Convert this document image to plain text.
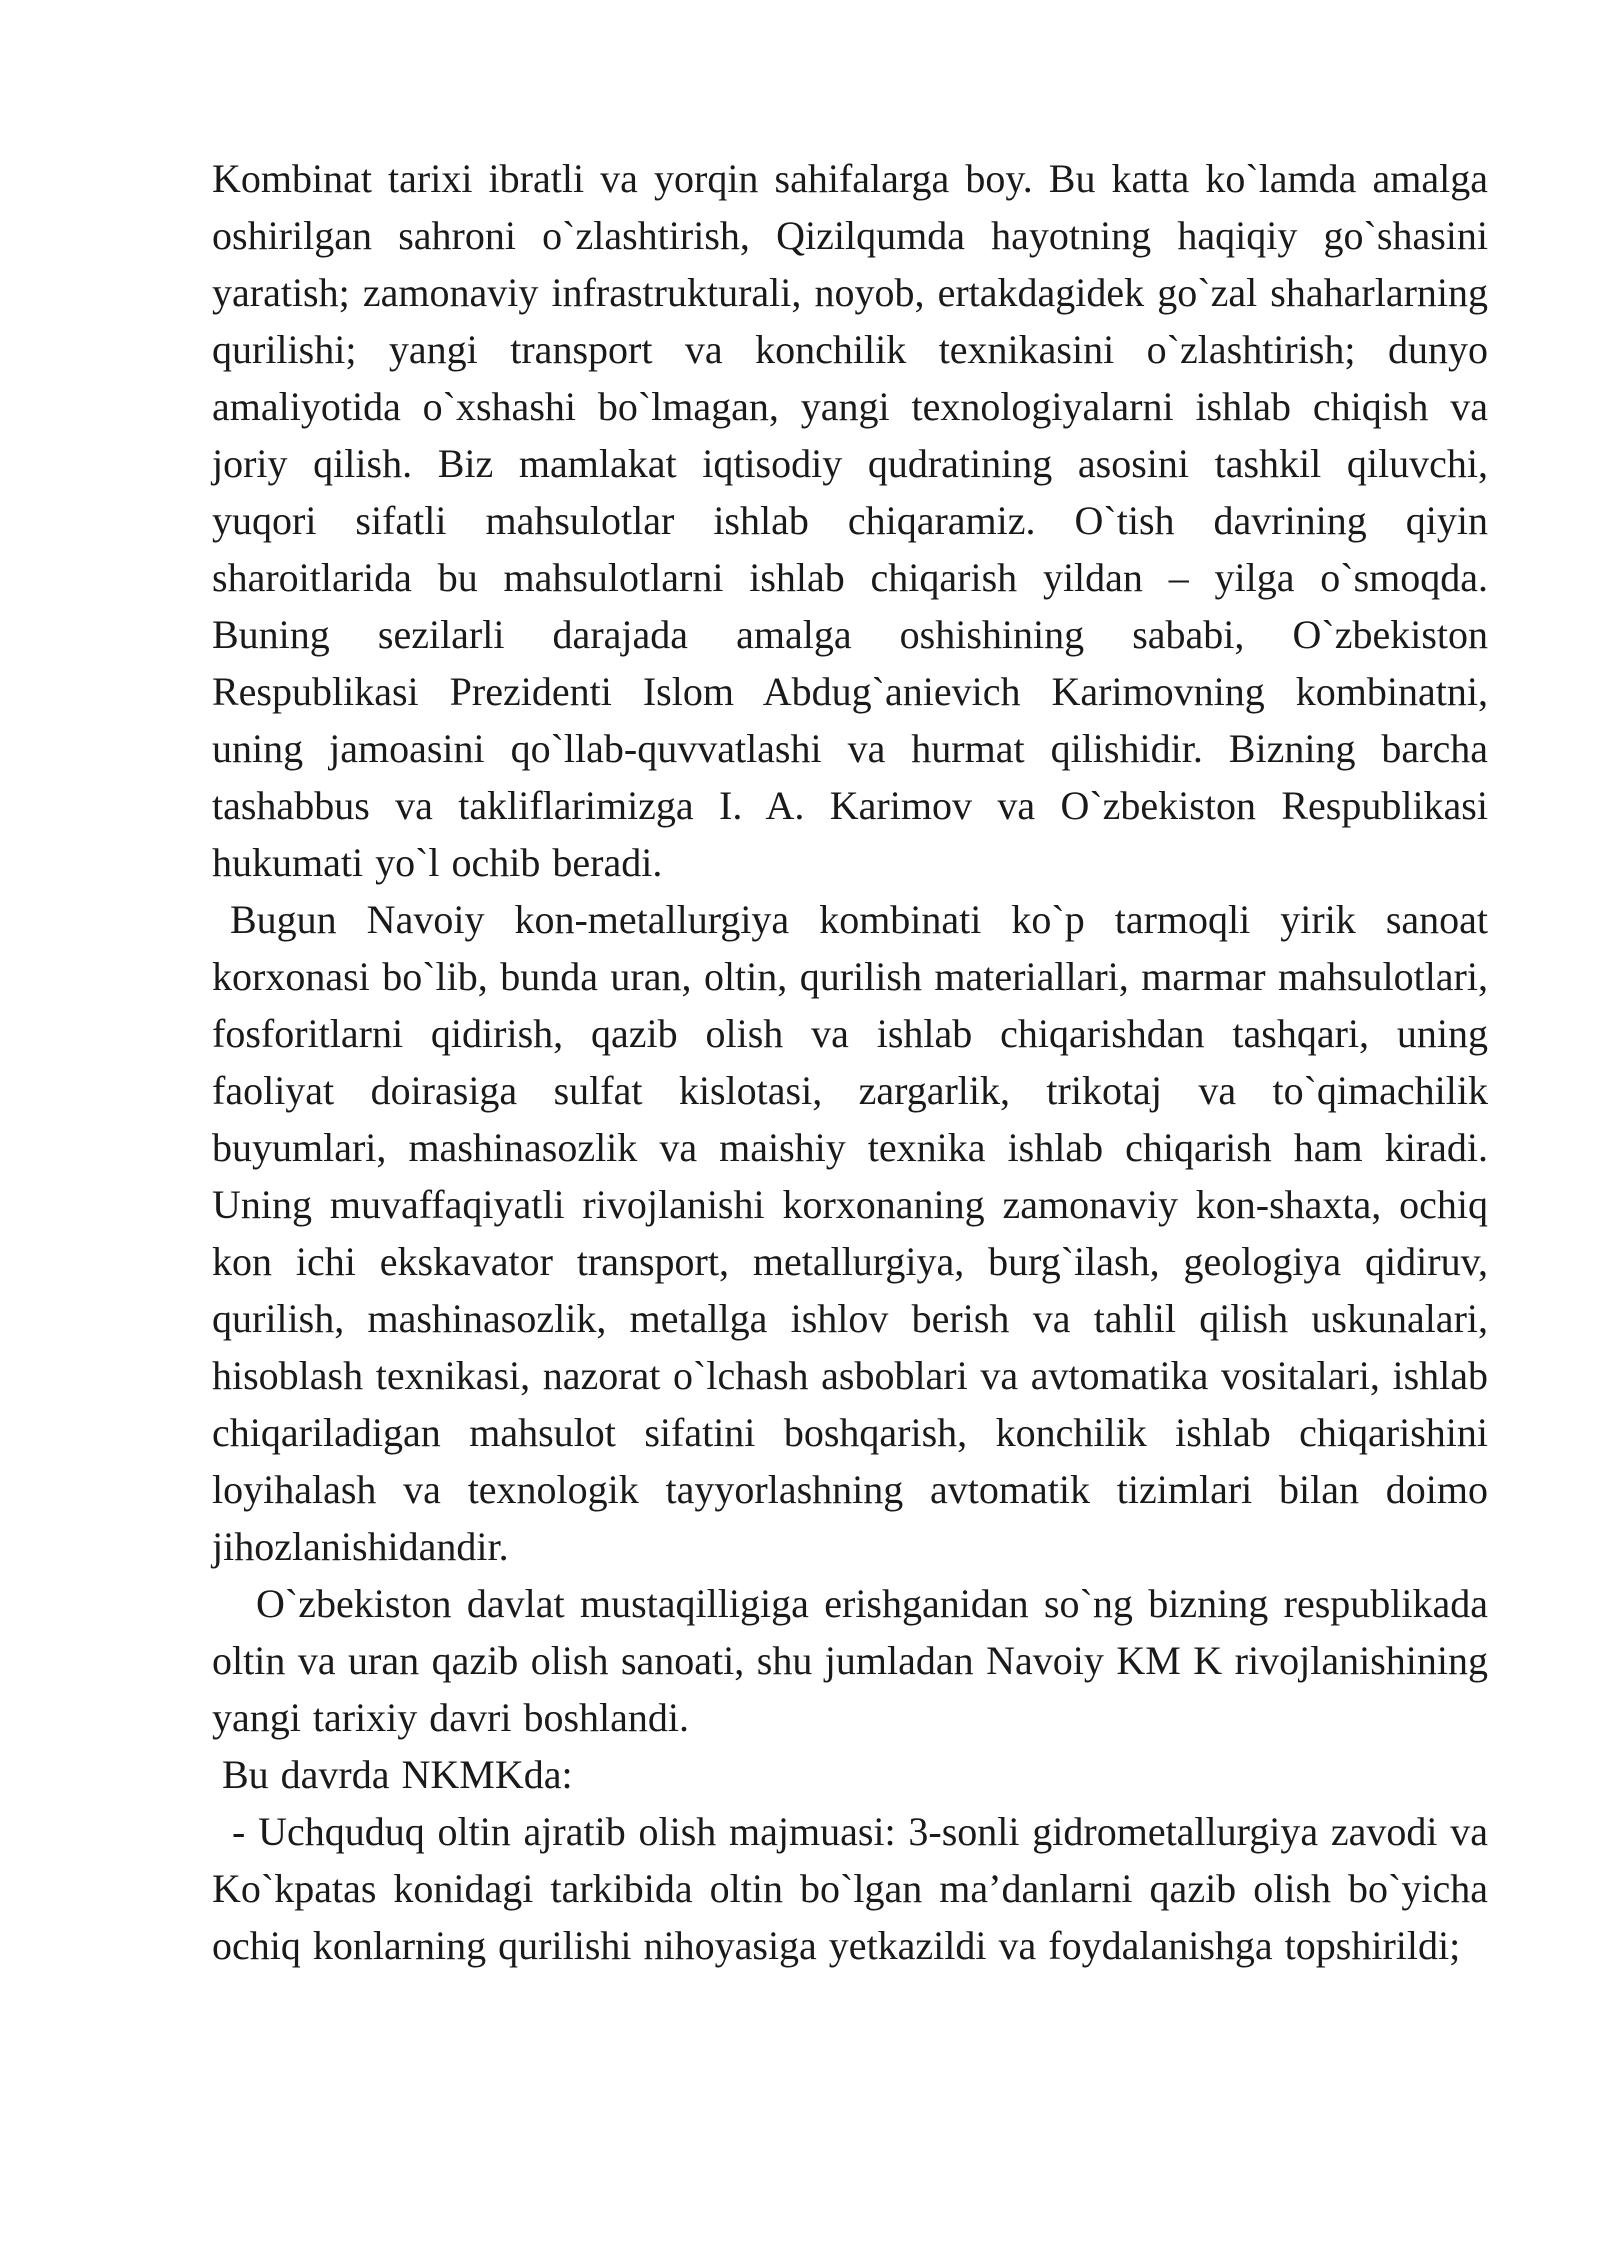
Kombinat tarixi ibratli va yorqin sahifalarga boy. Bu katta ko`lamda amalga oshirilgan sahroni o`zlashtirish, Qizilqumda hayotning haqiqiy go`shasini yaratish; zamonaviy infrastrukturali, noyob, ertakdagidek go`zal shaharlarning qurilishi; yangi transport va konchilik texnikasini o`zlashtirish; dunyo amaliyotida o`xshashi bo`lmagan, yangi texnologiyalarni ishlab chiqish va joriy qilish. Biz mamlakat iqtisodiy qudratining asosini tashkil qiluvchi, yuqori sifatli mahsulotlar ishlab chiqaramiz. O`tish davrining qiyin sharoitlarida bu mahsulotlarni ishlab chiqarish yildan – yilga o`smoqda. Buning sezilarli darajada amalga oshishining sababi, O`zbekiston Respublikasi Prezidenti Islom Abdug`anievich Karimovning kombinatni, uning jamoasini qo`llab-quvvatlashi va hurmat qilishidir. Bizning barcha tashabbus va takliflarimizga I. A. Karimov va O`zbekiston Respublikasi hukumati yo`l ochib beradi.

Bugun Navoiy kon-metallurgiya kombinati ko`p tarmoqli yirik sanoat korxonasi bo`lib, bunda uran, oltin, qurilish materiallari, marmar mahsulotlari, fosforitlarni qidirish, qazib olish va ishlab chiqarishdan tashqari, uning faoliyat doirasiga sulfat kislotasi, zargarlik, trikotaj va to`qimachilik buyumlari, mashinasozlik va maishiy texnika ishlab chiqarish ham kiradi. Uning muvaffaqiyatli rivojlanishi korxonaning zamonaviy kon-shaxta, ochiq kon ichi ekskavator transport, metallurgiya, burg`ilash, geologiya qidiruv, qurilish, mashinasozlik, metallga ishlov berish va tahlil qilish uskunalari, hisoblash texnikasi, nazorat o`lchash asboblari va avtomatika vositalari, ishlab chiqariladigan mahsulot sifatini boshqarish, konchilik ishlab chiqarishini loyihalash va texnologik tayyorlashning avtomatik tizimlari bilan doimo jihozlanishidandir.

O`zbekiston davlat mustaqilligiga erishganidan so`ng bizning respublikada oltin va uran qazib olish sanoati, shu jumladan Navoiy KM K rivojlanishining yangi tarixiy davri boshlandi.

Bu davrda NKMKda:

- Uchquduq oltin ajratib olish majmuasi: 3-sonli gidrometallurgiya zavodi va Ko`kpatas konidagi tarkibida oltin bo`lgan ma’danlarni qazib olish bo`yicha ochiq konlarning qurilishi nihoyasiga yetkazildi va foydalanishga topshirildi;
